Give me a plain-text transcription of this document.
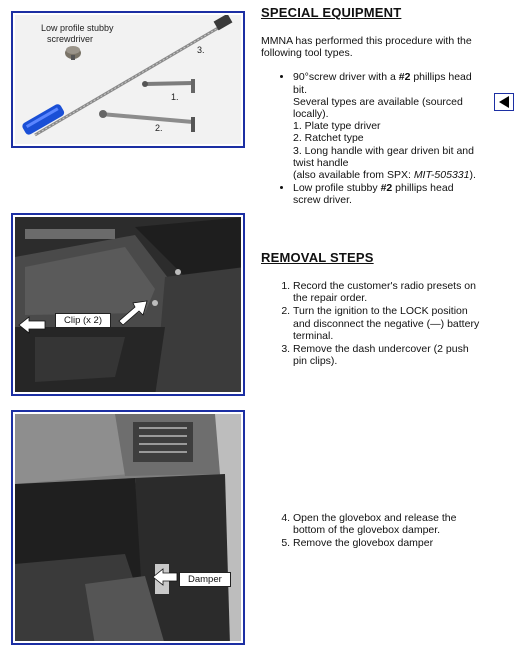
Low profile stubby
screwdriver
1.
2.
3.
SPECIAL EQUIPMENT
MMNA has performed this procedure with the following tool types.
• 90°screw driver with a #2 phillips head bit.
Several types are available (sourced locally).
1. Plate type driver
2. Ratchet type
3. Long handle with gear driven bit and twist handle
(also available from SPX: MIT-505331).
• Low profile stubby #2 phillips head screw driver.
Clip (x 2)
REMOVAL STEPS
1. Record the customer's radio presets on the repair order.
2. Turn the ignition to the LOCK position and disconnect the negative (—) battery terminal.
3. Remove the dash undercover (2 push pin clips).
Damper
4. Open the glovebox and release the bottom of the glovebox damper.
5. Remove the glovebox damper
